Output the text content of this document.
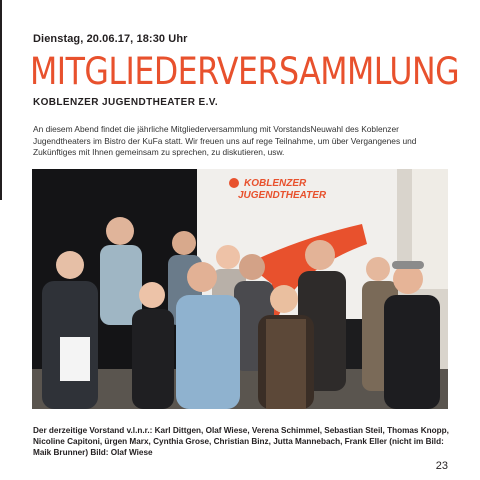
Dienstag, 20.06.17, 18:30 Uhr
MITGLIEDERVERSAMMLUNG
KOBLENZER JUGENDTHEATER E.V.
An diesem Abend findet die jährliche Mitgliederversammlung mit VorstandsNeuwahl des Koblenzer Jugendtheaters im Bistro der KuFa statt. Wir freuen uns auf rege Teilnahme, um über Vergangenes und Zukünftiges mit Ihnen gemeinsam zu sprechen, zu diskutieren, usw.
KOBLENZER
JUGENDTHEATER
Der derzeitige Vorstand v.l.n.r.: Karl Dittgen, Olaf Wiese, Verena Schimmel, Sebastian Steil, Thomas Knopp, Nicoline Capitoni, ürgen Marx, Cynthia Grose, Christian Binz, Jutta Mannebach, Frank Eller (nicht im Bild: Maik Brunner) Bild: Olaf Wiese
23
